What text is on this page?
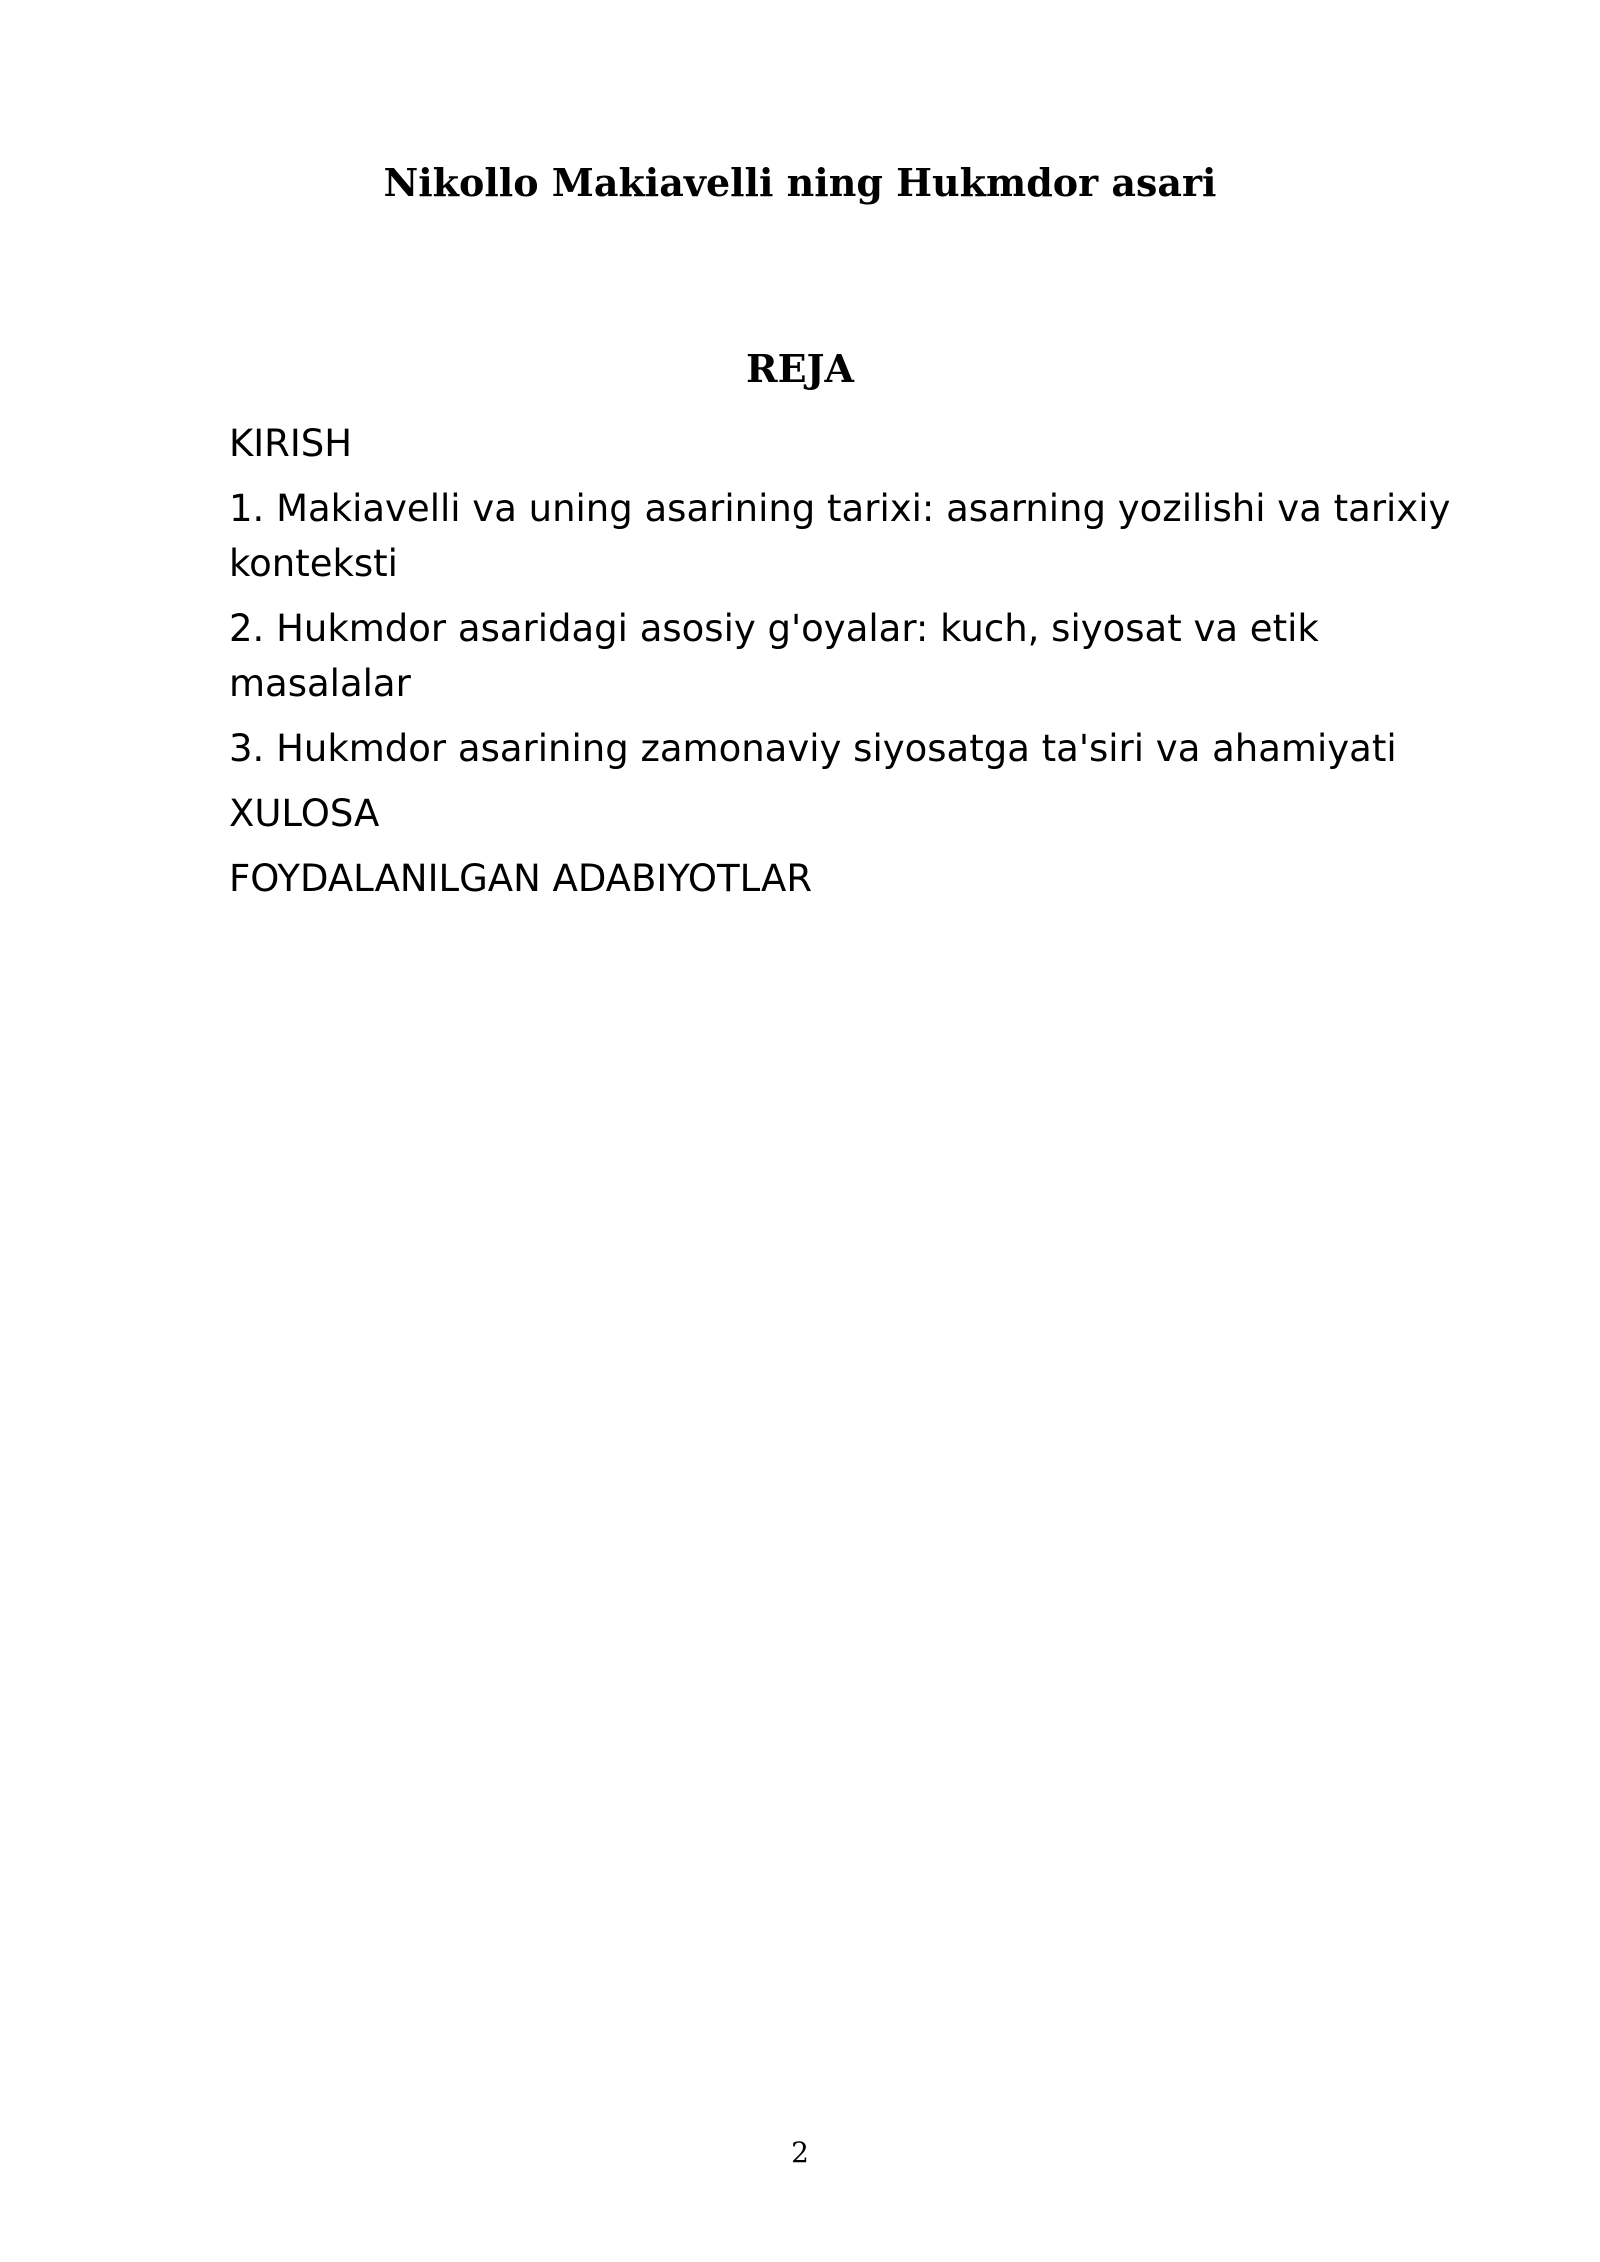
Nikollo Makiavelli ning Hukmdor asari
REJA
KIRISH
1. Makiavelli va uning asarining tarixi: asarning yozilishi va tarixiy konteksti
2. Hukmdor asaridagi asosiy g'oyalar: kuch, siyosat va etik masalalar
3. Hukmdor asarining zamonaviy siyosatga ta'siri va ahamiyati
XULOSA
FOYDALANILGAN ADABIYOTLAR
2
